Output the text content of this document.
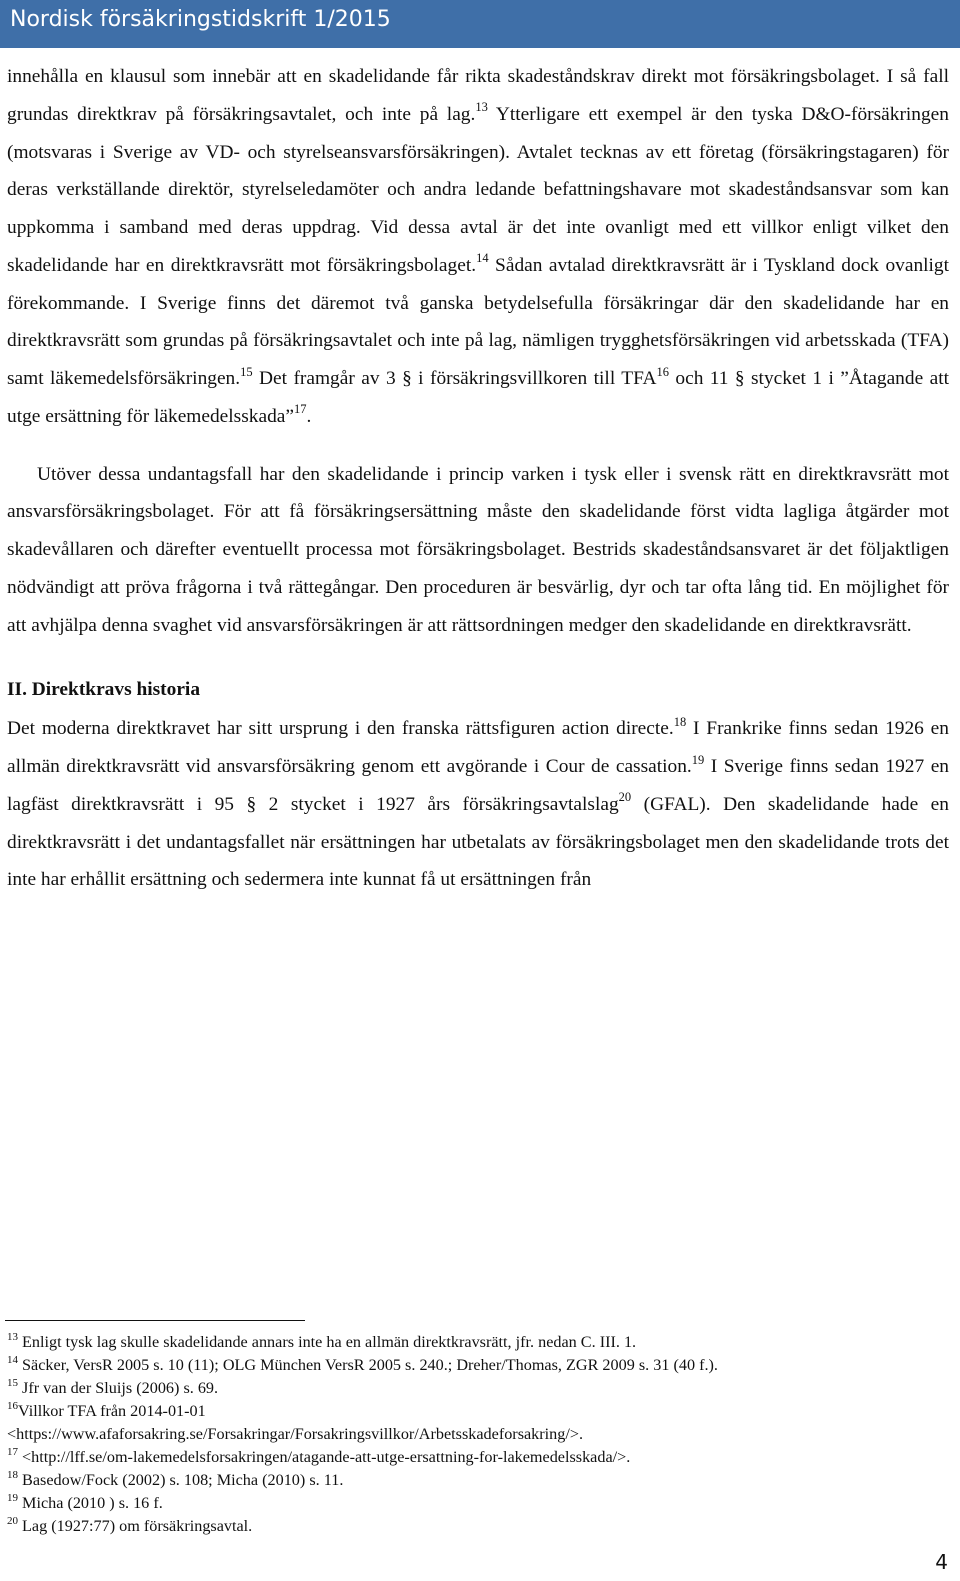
Nordisk försäkringstidskrift 1/2015

innehålla en klausul som innebär att en skadelidande får rikta skadeståndskrav direkt mot försäkringsbolaget. I så fall grundas direktkrav på försäkringsavtalet, och inte på lag.$^{13}$ Ytterligare ett exempel är den tyska D&O-försäkringen (motsvaras i Sverige av VD- och styrelseansvarsförsäkringen). Avtalet tecknas av ett företag (försäkringstagaren) för deras verkställande direktör, styrelseledamöter och andra ledande befattningshavare mot skadeståndsansvar som kan uppkomma i samband med deras uppdrag. Vid dessa avtal är det inte ovanligt med ett villkor enligt vilket den skadelidande har en direktkravsrätt mot försäkringsbolaget.$^{14}$ Sådan avtalad direktkravsrätt är i Tyskland dock ovanligt förekommande. I Sverige finns det däremot två ganska betydelsefulla försäkringar där den skadelidande har en direktkravsrätt som grundas på försäkringsavtalet och inte på lag, nämligen trygghetsförsäkringen vid arbetsskada (TFA) samt läkemedelsförsäkringen.$^{15}$ Det framgår av 3 § i försäkringsvillkoren till TFA$^{16}$ och 11 § stycket 1 i ”Åtagande att utge ersättning för läkemedelsskada”$^{17}$.

Utöver dessa undantagsfall har den skadelidande i princip varken i tysk eller i svensk rätt en direktkravsrätt mot ansvarsförsäkringsbolaget. För att få försäkringsersättning måste den skadelidande först vidta lagliga åtgärder mot skadevållaren och därefter eventuellt processa mot försäkringsbolaget. Bestrids skadeståndsansvaret är det följaktligen nödvändigt att pröva frågorna i två rättegångar. Den proceduren är besvärlig, dyr och tar ofta lång tid. En möjlighet för att avhjälpa denna svaghet vid ansvarsförsäkringen är att rättsordningen medger den skadelidande en direktkravsrätt.

II. Direktkravs historia

Det moderna direktkravet har sitt ursprung i den franska rättsfiguren action directe.$^{18}$ I Frankrike finns sedan 1926 en allmän direktkravsrätt vid ansvarsförsäkring genom ett avgörande i Cour de cassation.$^{19}$ I Sverige finns sedan 1927 en lagfäst direktkravsrätt i 95 § 2 stycket i 1927 års försäkringsavtalslag$^{20}$ (GFAL). Den skadelidande hade en direktkravsrätt i det undantagsfallet när ersättningen har utbetalats av försäkringsbolaget men den skadelidande trots det inte har erhållit ersättning och sedermera inte kunnat få ut ersättningen från

$^{13}$ Enligt tysk lag skulle skadelidande annars inte ha en allmän direktkravsrätt, jfr. nedan C. III. 1.
$^{14}$ Säcker, VersR 2005 s. 10 (11); OLG München VersR 2005 s. 240.; Dreher/Thomas, ZGR 2009 s. 31 (40 f.).
$^{15}$ Jfr van der Sluijs (2006) s. 69.
$^{16}$Villkor TFA från 2014-01-01
<https://www.afaforsakring.se/Forsakringar/Forsakringsvillkor/Arbetsskadeforsakring/>.
$^{17}$ <http://lff.se/om-lakemedelsforsakringen/atagande-att-utge-ersattning-for-lakemedelsskada/>.
$^{18}$ Basedow/Fock (2002) s. 108; Micha (2010) s. 11.
$^{19}$ Micha (2010 ) s. 16 f.
$^{20}$ Lag (1927:77) om försäkringsavtal.
4
